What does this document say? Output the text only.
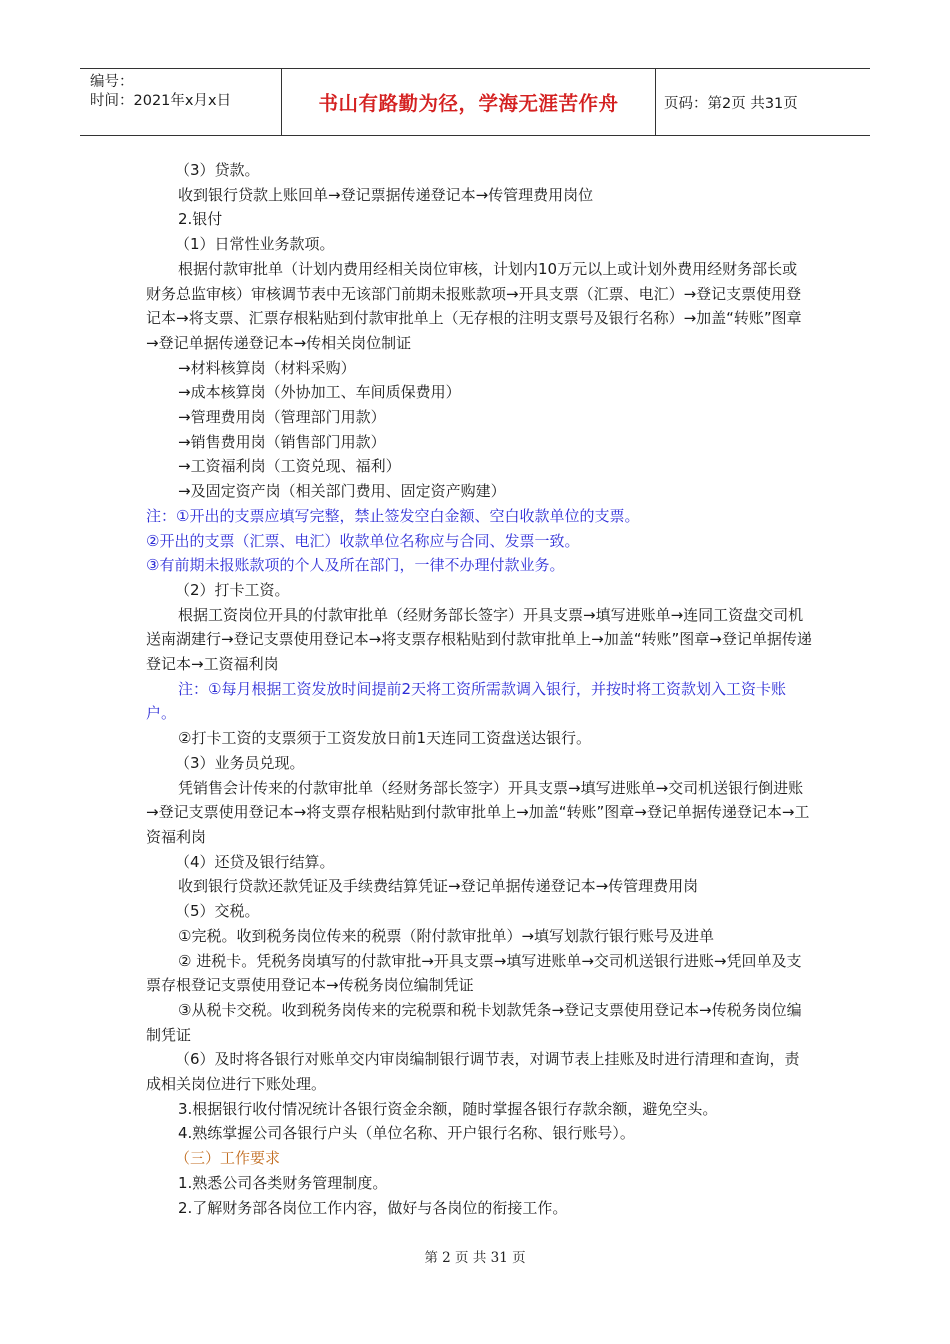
编号：
时间：2021年x月x日	书山有路勤为径，学海无涯苦作舟	页码：第2页 共31页

（3）贷款。

收到银行贷款上账回单→登记票据传递登记本→传管理费用岗位

2.银付

（1）日常性业务款项。

根据付款审批单（计划内费用经相关岗位审核，计划内10万元以上或计划外费用经财务部长或财务总监审核）审核调节表中无该部门前期未报账款项→开具支票（汇票、电汇）→登记支票使用登记本→将支票、汇票存根粘贴到付款审批单上（无存根的注明支票号及银行名称）→加盖“转账”图章→登记单据传递登记本→传相关岗位制证

→材料核算岗（材料采购）

→成本核算岗（外协加工、车间质保费用）

→管理费用岗（管理部门用款）

→销售费用岗（销售部门用款）

→工资福利岗（工资兑现、福利）

→及固定资产岗（相关部门费用、固定资产购建）

注：①开出的支票应填写完整，禁止签发空白金额、空白收款单位的支票。

②开出的支票（汇票、电汇）收款单位名称应与合同、发票一致。

③有前期未报账款项的个人及所在部门，一律不办理付款业务。

（2）打卡工资。

根据工资岗位开具的付款审批单（经财务部长签字）开具支票→填写进账单→连同工资盘交司机送南湖建行→登记支票使用登记本→将支票存根粘贴到付款审批单上→加盖“转账”图章→登记单据传递登记本→工资福利岗

注：①每月根据工资发放时间提前2天将工资所需款调入银行，并按时将工资款划入工资卡账户。

②打卡工资的支票须于工资发放日前1天连同工资盘送达银行。

（3）业务员兑现。

凭销售会计传来的付款审批单（经财务部长签字）开具支票→填写进账单→交司机送银行倒进账→登记支票使用登记本→将支票存根粘贴到付款审批单上→加盖“转账”图章→登记单据传递登记本→工资福利岗

（4）还贷及银行结算。

收到银行贷款还款凭证及手续费结算凭证→登记单据传递登记本→传管理费用岗

（5）交税。

①完税。收到税务岗位传来的税票（附付款审批单）→填写划款行银行账号及进单

② 进税卡。凭税务岗填写的付款审批→开具支票→填写进账单→交司机送银行进账→凭回单及支票存根登记支票使用登记本→传税务岗位编制凭证

③从税卡交税。收到税务岗传来的完税票和税卡划款凭条→登记支票使用登记本→传税务岗位编制凭证

（6）及时将各银行对账单交内审岗编制银行调节表，对调节表上挂账及时进行清理和查询，责成相关岗位进行下账处理。

3.根据银行收付情况统计各银行资金余额，随时掌握各银行存款余额，避免空头。

4.熟练掌握公司各银行户头（单位名称、开户银行名称、银行账号）。

（三）工作要求

1.熟悉公司各类财务管理制度。

2.了解财务部各岗位工作内容，做好与各岗位的衔接工作。

第 2 页 共 31 页
